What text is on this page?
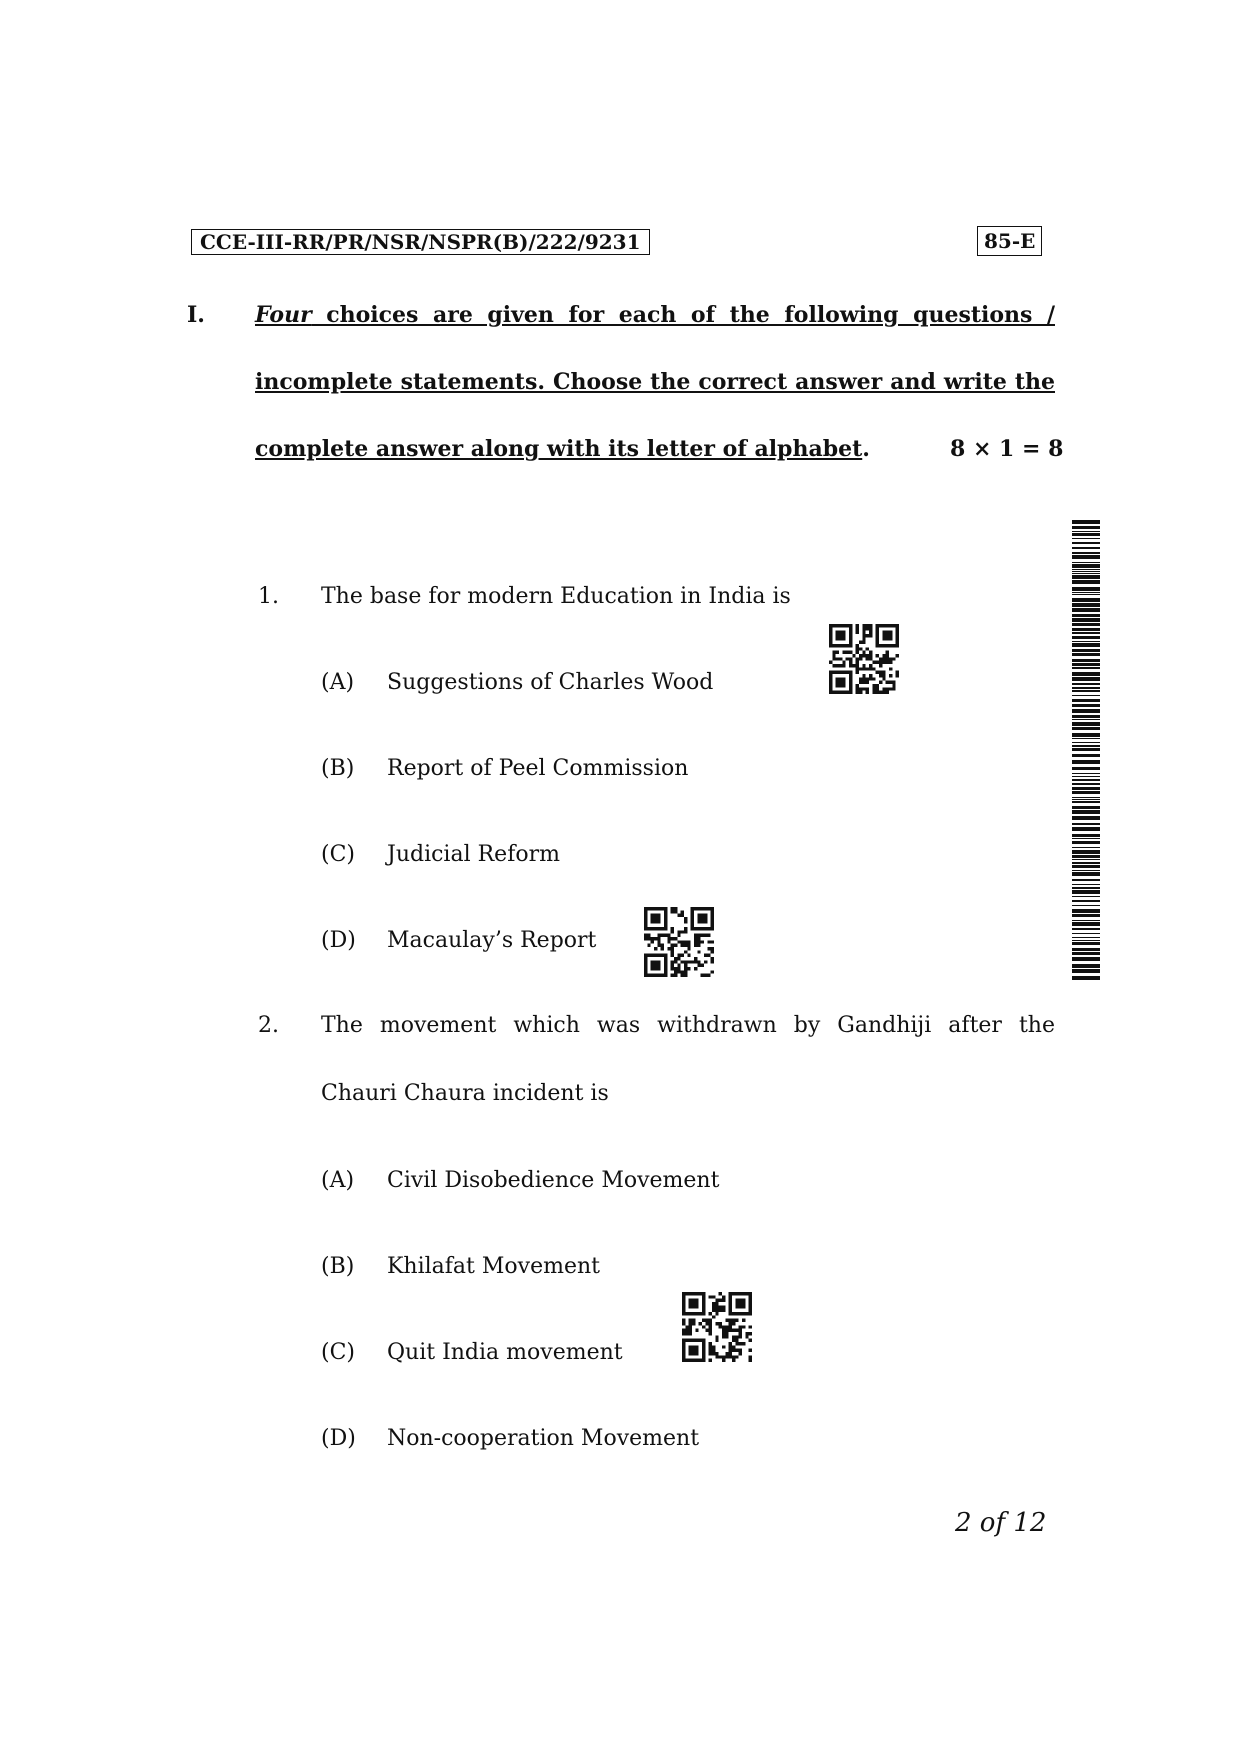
CCE-III-RR/PR/NSR/NSPR(B)/222/9231	85-E
I. Four choices are given for each of the following questions /
incomplete statements. Choose the correct answer and write the
complete answer along with its letter of alphabet.	8 × 1 = 8
1. The base for modern Education in India is
(A) Suggestions of Charles Wood
(B) Report of Peel Commission
(C) Judicial Reform
(D) Macaulay’s Report
2. The movement which was withdrawn by Gandhiji after the
Chauri Chaura incident is
(A) Civil Disobedience Movement
(B) Khilafat Movement
(C) Quit India movement
(D) Non-cooperation Movement
2 of 12
